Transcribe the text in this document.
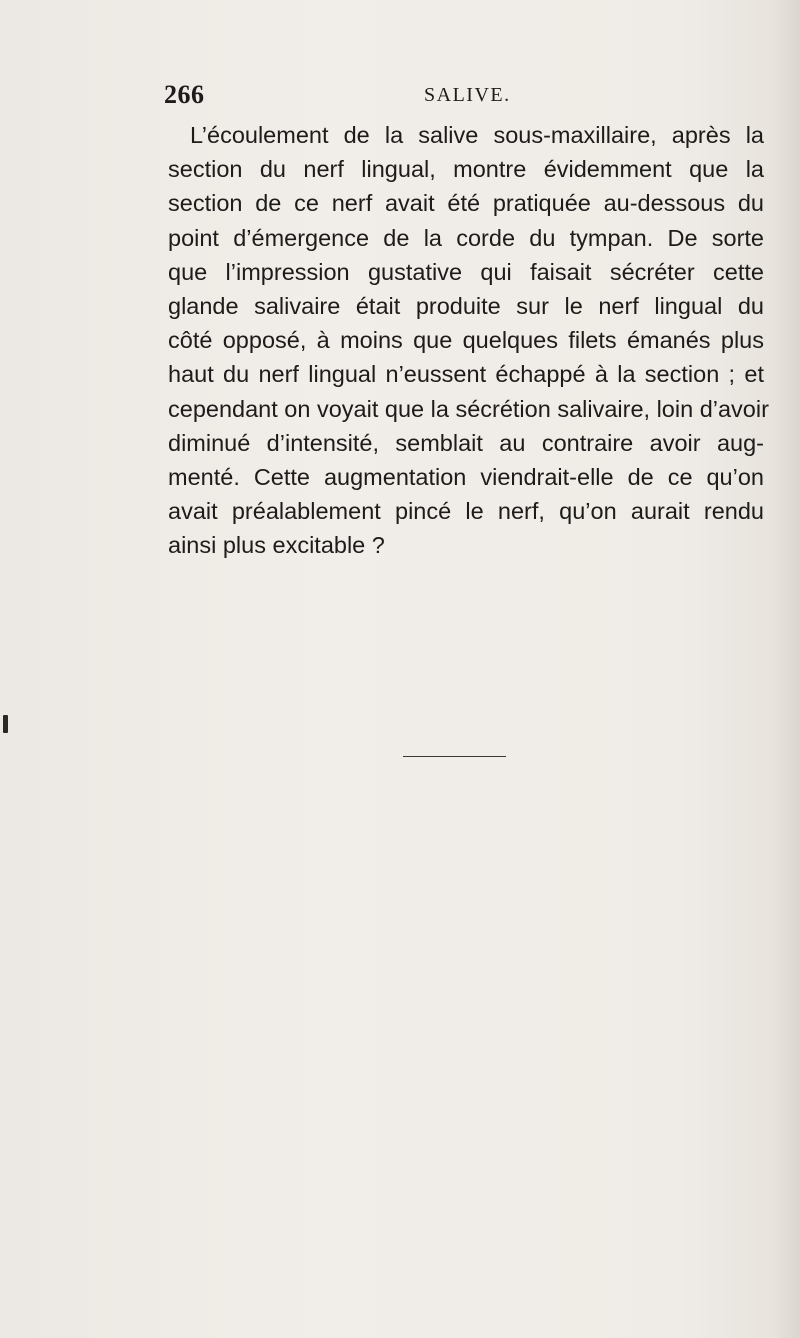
266	SALIVE.

L’écoulement de la salive sous-maxillaire, après la
section du nerf lingual, montre évidemment que la
section de ce nerf avait été pratiquée au-dessous du
point d’émergence de la corde du tympan. De sorte
que l’impression gustative qui faisait sécréter cette
glande salivaire était produite sur le nerf lingual du
côté opposé, à moins que quelques filets émanés plus
haut du nerf lingual n’eussent échappé à la section ; et
cependant on voyait que la sécrétion salivaire, loin d’avoir
diminué d’intensité, semblait au contraire avoir aug-
menté. Cette augmentation viendrait-elle de ce qu’on
avait préalablement pincé le nerf, qu’on aurait rendu
ainsi plus excitable ?
